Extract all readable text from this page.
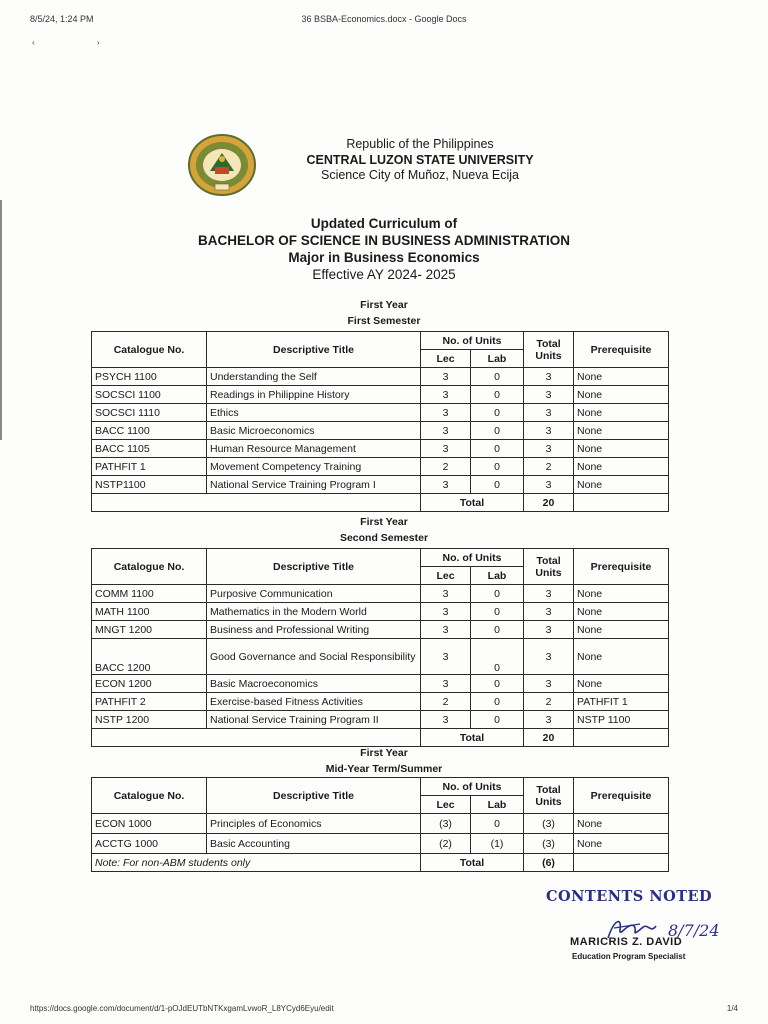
8/5/24, 1:24 PM	36 BSBA-Economics.docx - Google Docs
‹ ›
Republic of the Philippines
CENTRAL LUZON STATE UNIVERSITY
Science City of Muñoz, Nueva Ecija
Updated Curriculum of
BACHELOR OF SCIENCE IN BUSINESS ADMINISTRATION
Major in Business Economics
Effective AY 2024- 2025
First Year
First Semester
Catalogue No.	Descriptive Title	No. of Units		Total
Units	Prerequisite
		Lec	Lab		
PSYCH 1100	Understanding the Self	3	0	3	None
SOCSCI 1100	Readings in Philippine History	3	0	3	None
SOCSCI 1110	Ethics	3	0	3	None
BACC 1100	Basic Microeconomics	3	0	3	None
BACC 1105	Human Resource Management	3	0	3	None
PATHFIT 1	Movement Competency Training	2	0	2	None
NSTP1100	National Service Training Program I	3	0	3	None
		Total		20	
First Year
Second Semester
Catalogue No.	Descriptive Title	No. of Units		Total
Units	Prerequisite
		Lec	Lab		
COMM 1100	Purposive Communication	3	0	3	None
MATH 1100	Mathematics in the Modern World	3	0	3	None
MNGT 1200	Business and Professional Writing	3	0	3	None
BACC 1200	Good Governance and Social Responsibility	3	0	3	None
ECON 1200	Basic Macroeconomics	3	0	3	None
PATHFIT 2	Exercise-based Fitness Activities	2	0	2	PATHFIT 1
NSTP 1200	National Service Training Program II	3	0	3	NSTP 1100
		Total		20	
First Year
Mid-Year Term/Summer
Catalogue No.	Descriptive Title	No. of Units		Total
Units	Prerequisite
		Lec	Lab		
ECON 1000	Principles of Economics	(3)	0	(3)	None
ACCTG 1000	Basic Accounting	(2)	(1)	(3)	None
Note: For non-ABM students only		Total		(6)	
CONTENTS NOTED
8/7/24
MARICRIS Z. DAVID
Education Program Specialist
https://docs.google.com/document/d/1-pOJdEUTbNTKxgamLvwoR_L8YCyd6Eyu/edit	1/4
